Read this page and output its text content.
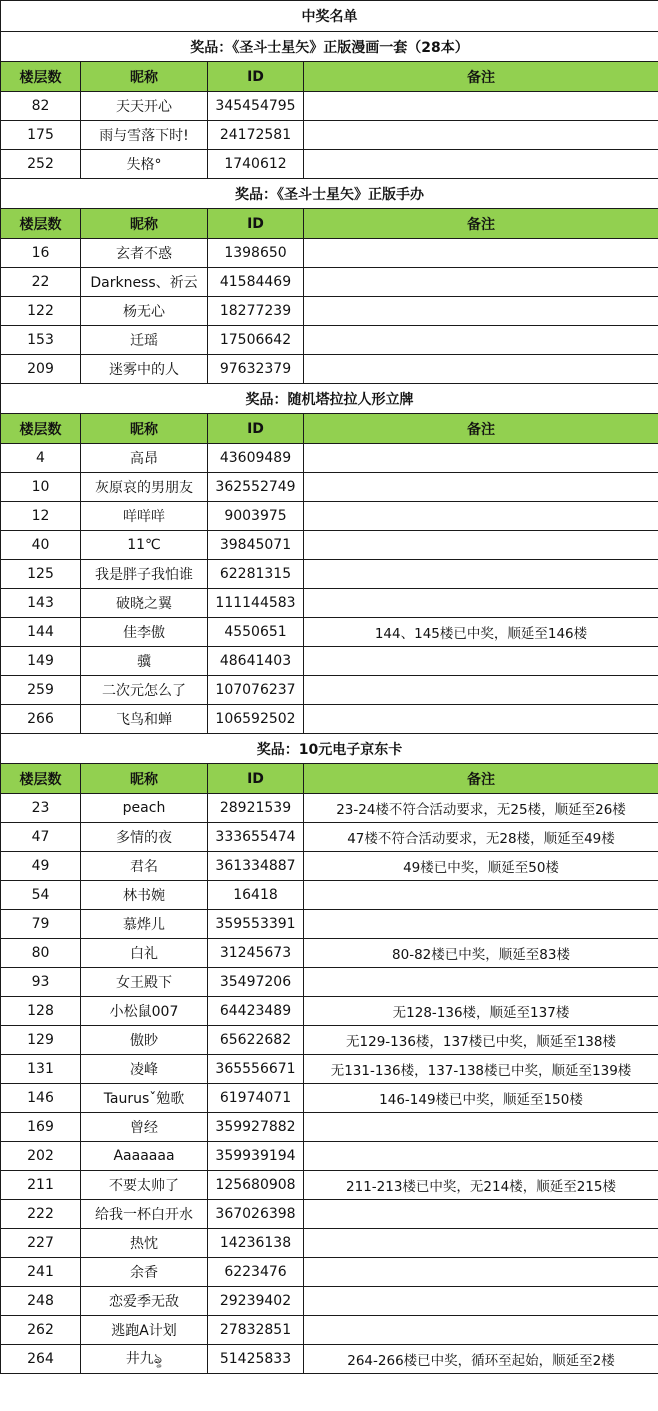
中奖名单			
奖品：《圣斗士星矢》正版漫画一套（28本）			
楼层数	昵称	ID	备注
82	天天开心	345454795	
175	雨与雪落下时!	24172581	
252	失格°	1740612	
奖品：《圣斗士星矢》正版手办			
楼层数	昵称	ID	备注
16	玄者不惑	1398650	
22	Darkness、祈云	41584469	
122	杨无心	18277239	
153	迁瑶	17506642	
209	迷雾中的人	97632379	
奖品：随机塔拉拉人形立牌			
楼层数	昵称	ID	备注
4	高昂	43609489	
10	灰原哀的男朋友	362552749	
12	咩咩咩	9003975	
40	11℃	39845071	
125	我是胖子我怕谁	62281315	
143	破晓之翼	111144583	
144	佳李傲	4550651	144、145楼已中奖，顺延至146楼
149	骥	48641403	
259	二次元怎么了	107076237	
266	飞鸟和蝉	106592502	
奖品：10元电子京东卡			
楼层数	昵称	ID	备注
23	peach	28921539	23-24楼不符合活动要求，无25楼，顺延至26楼
47	多情的夜	333655474	47楼不符合活动要求，无28楼，顺延至49楼
49	君名	361334887	49楼已中奖，顺延至50楼
54	林书婉	16418	
79	慕烨儿	359553391	
80	白礼	31245673	80-82楼已中奖，顺延至83楼
93	女王殿下	35497206	
128	小松鼠007	64423489	无128-136楼，顺延至137楼
129	傲眇	65622682	无129-136楼，137楼已中奖，顺延至138楼
131	凌峰	365556671	无131-136楼，137-138楼已中奖，顺延至139楼
146	Taurusˇ勉歌	61974071	146-149楼已中奖，顺延至150楼
169	曾经	359927882	
202	Aaaaaaa	359939194	
211	不要太帅了	125680908	211-213楼已中奖，无214楼，顺延至215楼
222	给我一杯白开水	367026398	
227	热忱	14236138	
241	余香	6223476	
248	恋爱季无敌	29239402	
262	逃跑A计划	27832851	
264	井九ৡ	51425833	264-266楼已中奖，循环至起始，顺延至2楼
